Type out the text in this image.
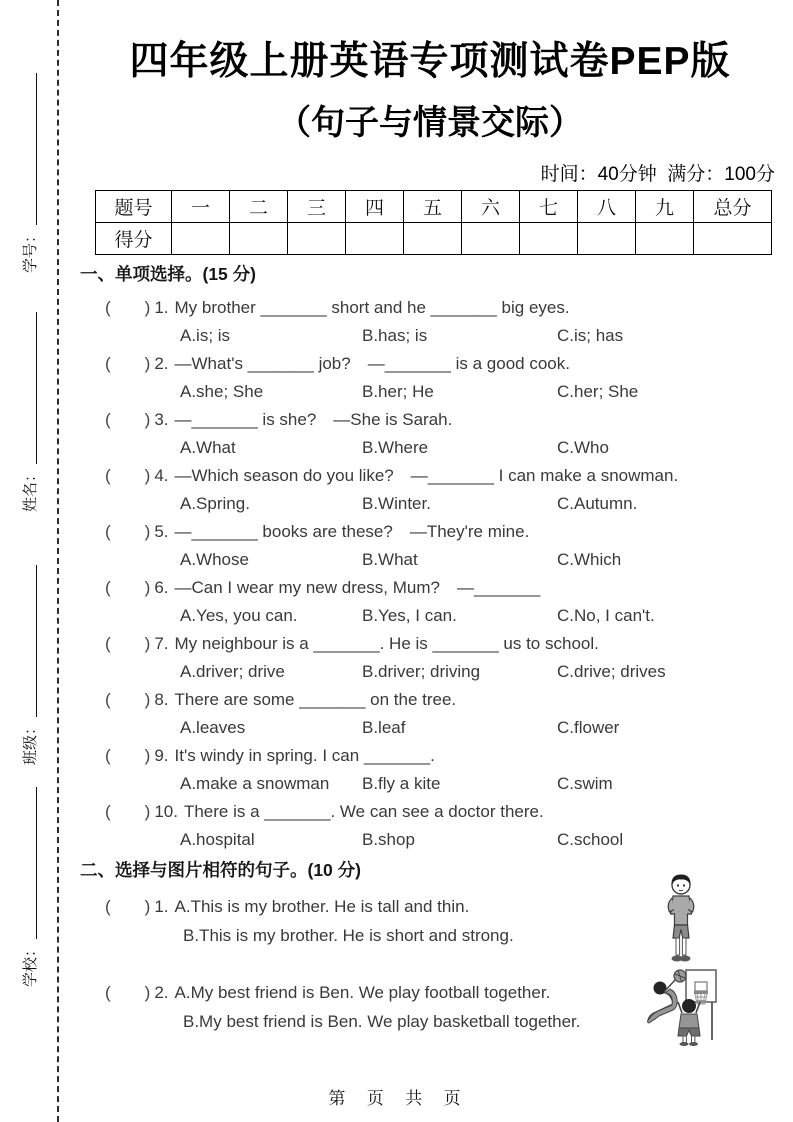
学号：
姓名：
班级：
学校：
四年级上册英语专项测试卷PEP版
（句子与情景交际）
时间：40分钟  满分：100分
题号	一	二	三	四	五	六	七	八	九	总分
得分										
一、单项选择。(15 分)
(　　) 1. My brother _______ short and he _______ big eyes.
A.is; is	B.has; is	C.is; has
(　　) 2. —What's _______ job?　—_______ is a good cook.
A.she; She	B.her; He	C.her; She
(　　) 3. —_______ is she?　—She is Sarah.
A.What	B.Where	C.Who
(　　) 4. —Which season do you like?　—_______ I can make a snowman.
A.Spring.	B.Winter.	C.Autumn.
(　　) 5. —_______ books are these?　—They're mine.
A.Whose	B.What	C.Which
(　　) 6. —Can I wear my new dress, Mum?　—_______
A.Yes, you can.	B.Yes, I can.	C.No, I can't.
(　　) 7. My neighbour is a _______. He is _______ us to school.
A.driver; drive	B.driver; driving	C.drive; drives
(　　) 8. There are some _______ on the tree.
A.leaves	B.leaf	C.flower
(　　) 9. It's windy in spring. I can _______.
A.make a snowman	B.fly a kite	C.swim
(　　) 10. There is a _______. We can see a doctor there.
A.hospital	B.shop	C.school
二、选择与图片相符的句子。(10 分)
(　　) 1. A.This is my brother. He is tall and thin.
B.This is my brother. He is short and strong.
(　　) 2. A.My best friend is Ben. We play football together.
B.My best friend is Ben. We play basketball together.
第  页  共  页
